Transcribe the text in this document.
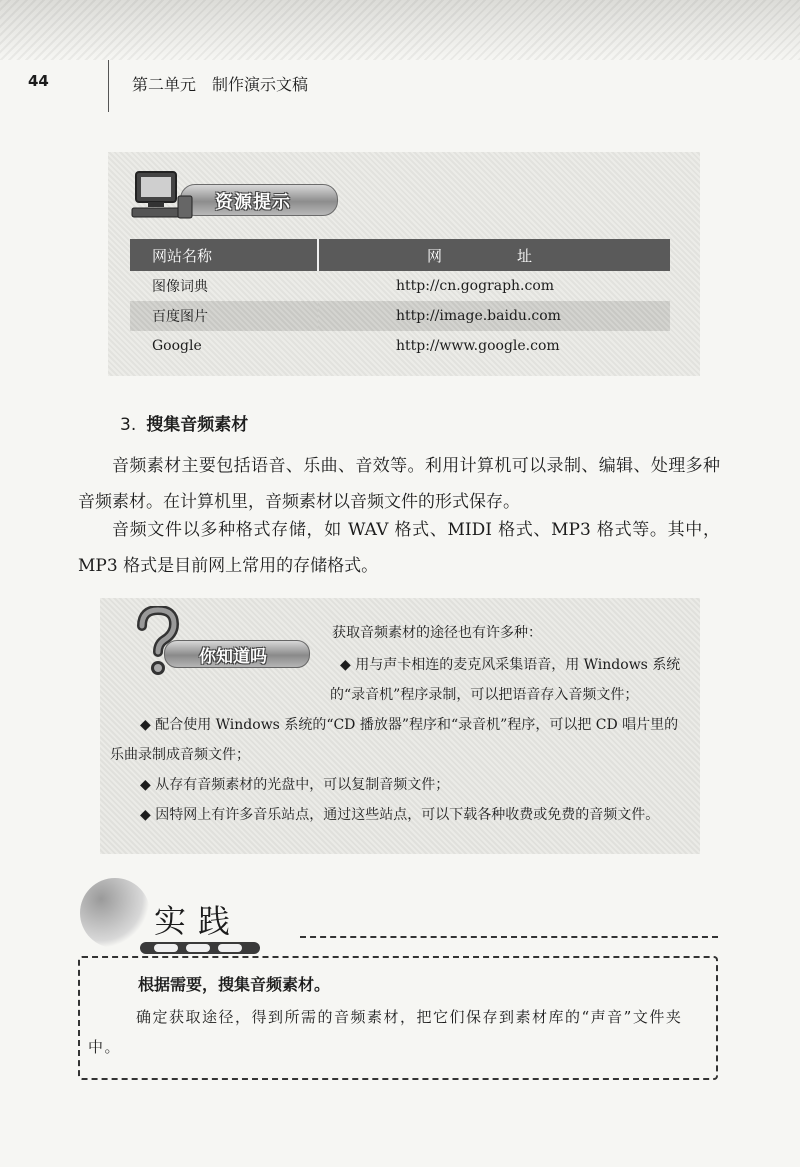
44	第二单元　制作演示文稿
资源提示
网站名称	网　址
图像词典	http://cn.gograph.com
百度图片	http://image.baidu.com
Google	http://www.google.com
3. 搜集音频素材

音频素材主要包括语音、乐曲、音效等。利用计算机可以录制、编辑、处理多种音频素材。在计算机里，音频素材以音频文件的形式保存。

音频文件以多种格式存储，如 WAV 格式、MIDI 格式、MP3 格式等。其中，MP3 格式是目前网上常用的存储格式。

你知道吗
获取音频素材的途径也有许多种：

◆ 用与声卡相连的麦克风采集语音，用 Windows 系统的“录音机”程序录制，可以把语音存入音频文件；

◆ 配合使用 Windows 系统的“CD 播放器”程序和“录音机”程序，可以把 CD 唱片里的乐曲录制成音频文件；

◆ 从存有音频素材的光盘中，可以复制音频文件；

◆ 因特网上有许多音乐站点，通过这些站点，可以下载各种收费或免费的音频文件。

实践
根据需要，搜集音频素材。

确定获取途径，得到所需的音频素材，把它们保存到素材库的“声音”文件夹中。
